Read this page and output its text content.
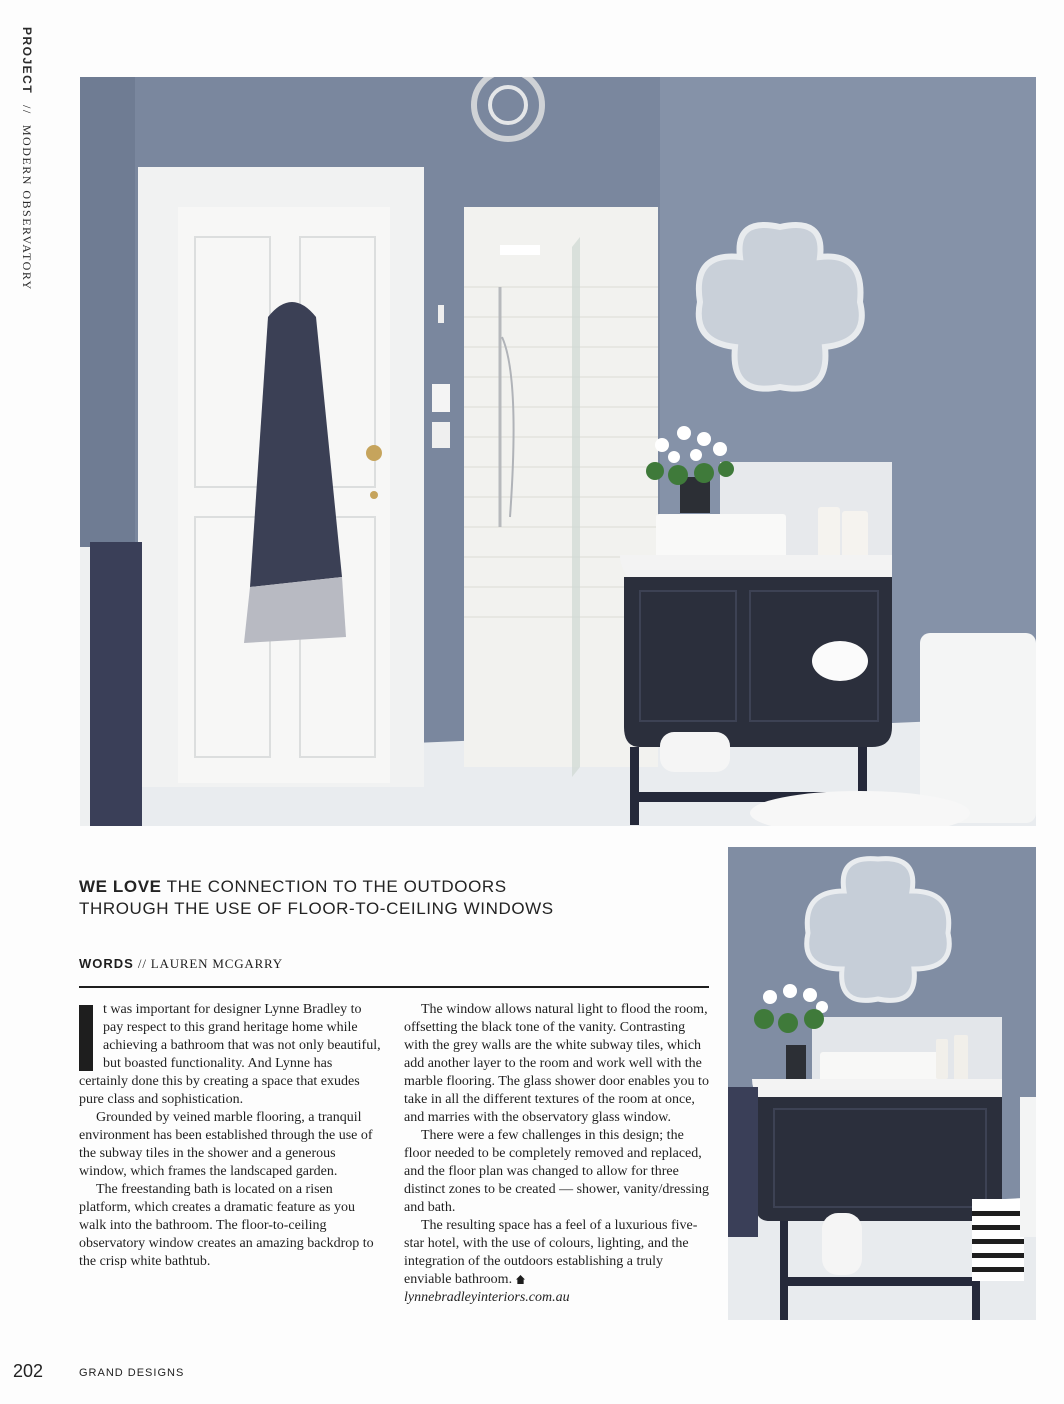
PROJECT // MODERN OBSERVATORY
WE LOVE THE CONNECTION TO THE OUTDOORS
THROUGH THE USE OF FLOOR-TO-CEILING WINDOWS
WORDS // LAUREN MCGARRY

t was important for designer Lynne Bradley to pay respect to this grand heritage home while achieving a bathroom that was not only beautiful, but boasted functionality. And Lynne has certainly done this by creating a space that exudes pure class and sophistication.

Grounded by veined marble flooring, a tranquil environment has been established through the use of the subway tiles in the shower and a generous window, which frames the landscaped garden.

The freestanding bath is located on a risen platform, which creates a dramatic feature as you walk into the bathroom. The floor-to-ceiling observatory window creates an amazing backdrop to the crisp white bathtub.

The window allows natural light to flood the room, offsetting the black tone of the vanity. Contrasting with the grey walls are the white subway tiles, which add another layer to the room and work well with the marble flooring. The glass shower door enables you to take in all the different textures of the room at once, and marries with the observatory glass window.

There were a few challenges in this design; the floor needed to be completely removed and replaced, and the floor plan was changed to allow for three distinct zones to be created — shower, vanity/dressing and bath.

The resulting space has a feel of a luxurious five-star hotel, with the use of colours, lighting, and the integration of the outdoors establishing a truly enviable bathroom.
lynnebradleyinteriors.com.au

202	GRAND DESIGNS
